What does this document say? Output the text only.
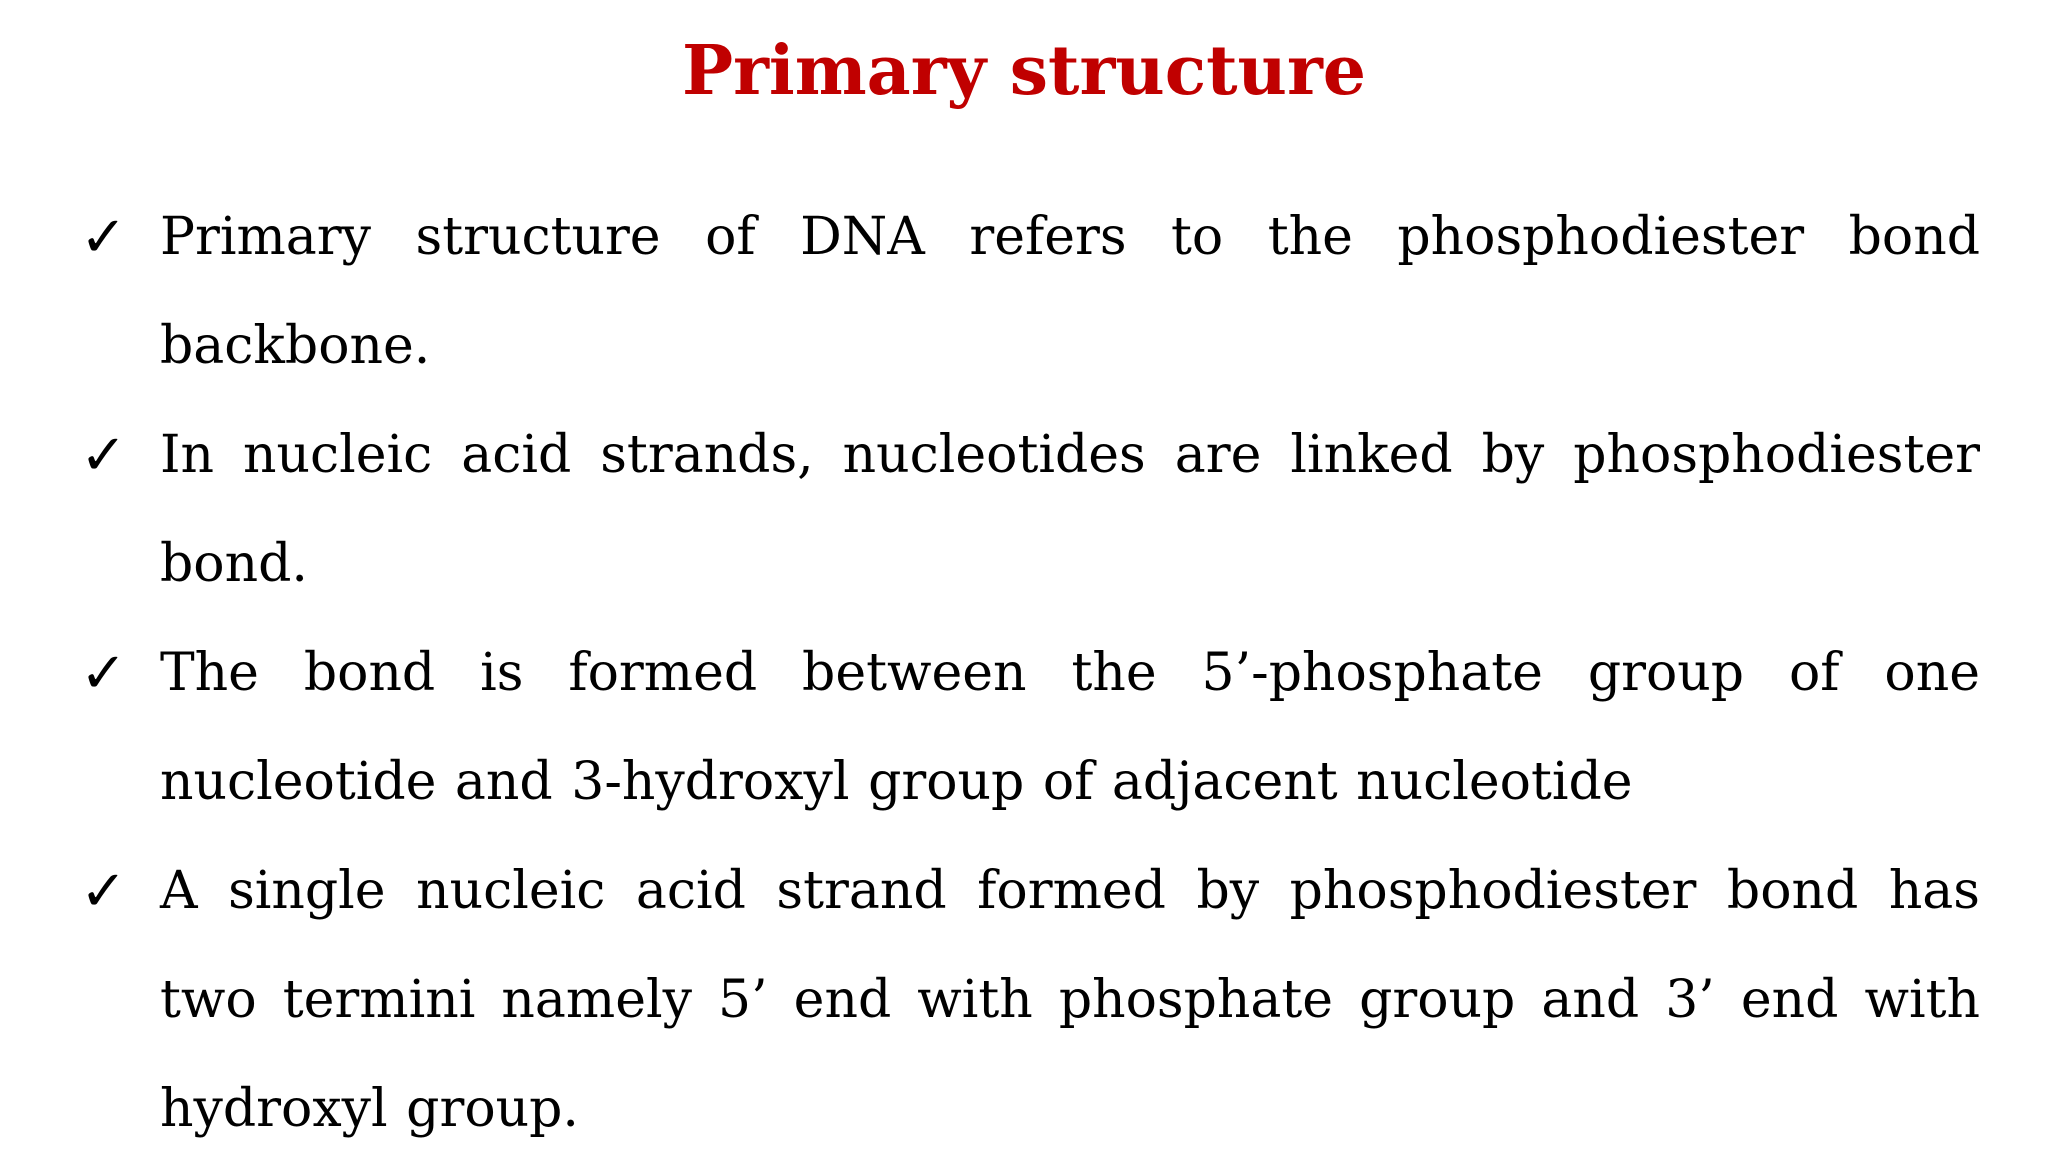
Primary structure
✓ Primary structure of DNA refers to the phosphodiester bond backbone.
✓ In nucleic acid strands, nucleotides are linked by phosphodiester bond.
✓ The bond is formed between the 5’-phosphate group of one nucleotide and 3-hydroxyl group of adjacent nucleotide
✓ A single nucleic acid strand formed by phosphodiester bond has two termini namely 5’ end with phosphate group and 3’ end with hydroxyl group.
